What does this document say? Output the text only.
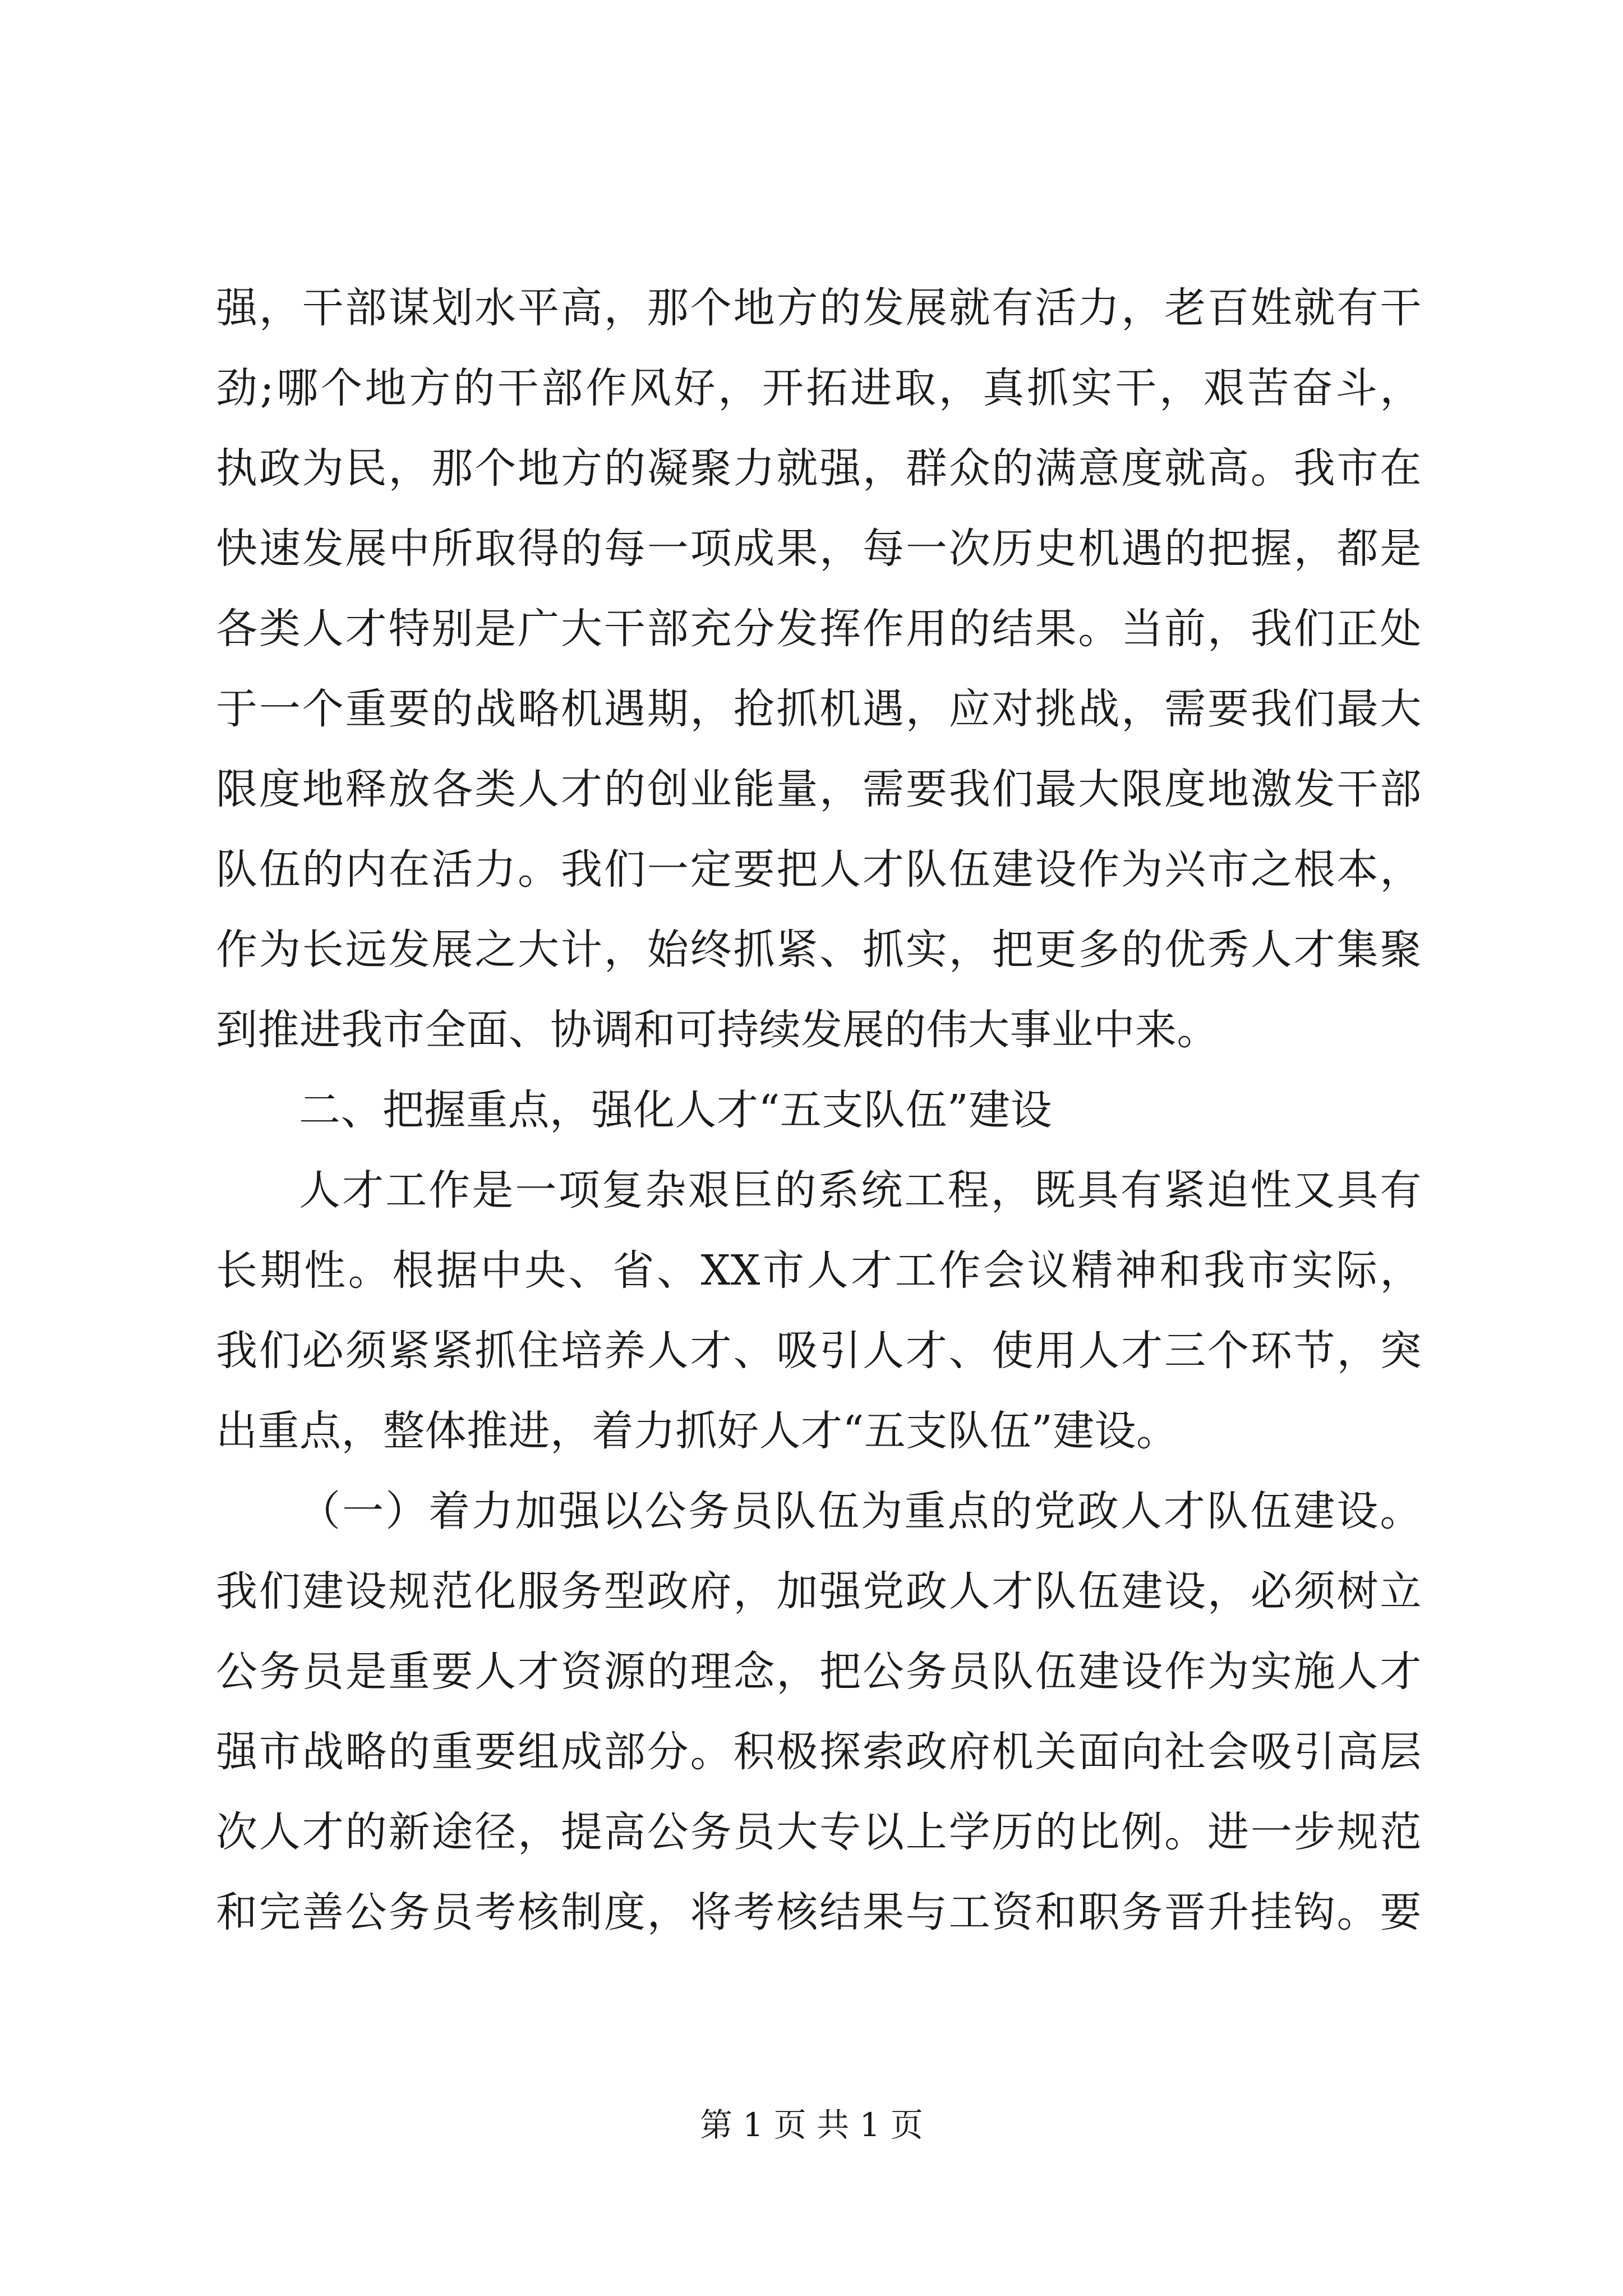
强，干部谋划水平高，那个地方的发展就有活力，老百姓就有干
劲;哪个地方的干部作风好，开拓进取，真抓实干，艰苦奋斗，
执政为民，那个地方的凝聚力就强，群众的满意度就高。我市在
快速发展中所取得的每一项成果，每一次历史机遇的把握，都是
各类人才特别是广大干部充分发挥作用的结果。当前，我们正处
于一个重要的战略机遇期，抢抓机遇，应对挑战，需要我们最大
限度地释放各类人才的创业能量，需要我们最大限度地激发干部
队伍的内在活力。我们一定要把人才队伍建设作为兴市之根本，
作为长远发展之大计，始终抓紧、抓实，把更多的优秀人才集聚
到推进我市全面、协调和可持续发展的伟大事业中来。
二、把握重点，强化人才“五支队伍”建设
人才工作是一项复杂艰巨的系统工程，既具有紧迫性又具有
长期性。根据中央、省、XX市人才工作会议精神和我市实际，
我们必须紧紧抓住培养人才、吸引人才、使用人才三个环节，突
出重点，整体推进，着力抓好人才“五支队伍”建设。
（一）着力加强以公务员队伍为重点的党政人才队伍建设。
我们建设规范化服务型政府，加强党政人才队伍建设，必须树立
公务员是重要人才资源的理念，把公务员队伍建设作为实施人才
强市战略的重要组成部分。积极探索政府机关面向社会吸引高层
次人才的新途径，提高公务员大专以上学历的比例。进一步规范
和完善公务员考核制度，将考核结果与工资和职务晋升挂钩。要
第 1 页 共 1 页
